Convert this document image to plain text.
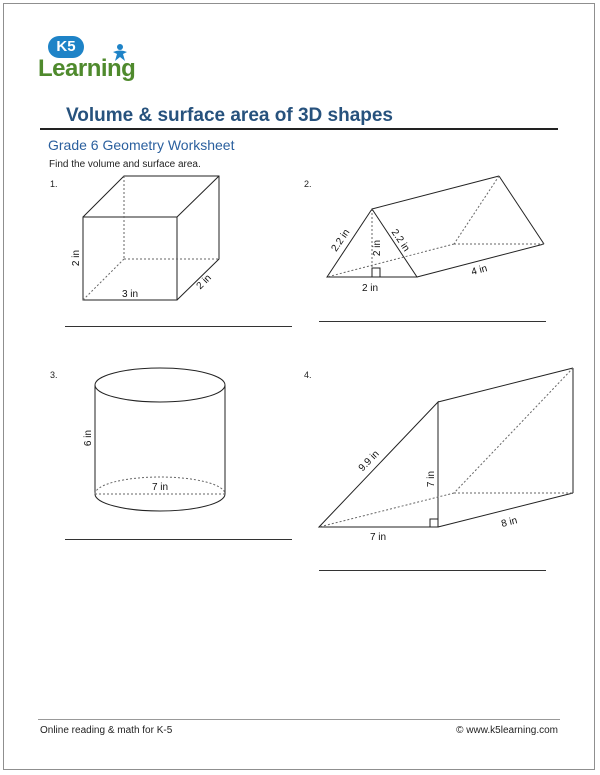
K5
Learning
Volume & surface area of 3D shapes
Grade 6 Geometry Worksheet
Find the volume and surface area.
1.	2.
3.	4.
2 in
3 in
2 in
2.2 in	2.2 in
2 in
2 in
4 in
6 in
7 in
9.9 in
7 in
7 in
8 in
Online reading & math for K-5	© www.k5learning.com
